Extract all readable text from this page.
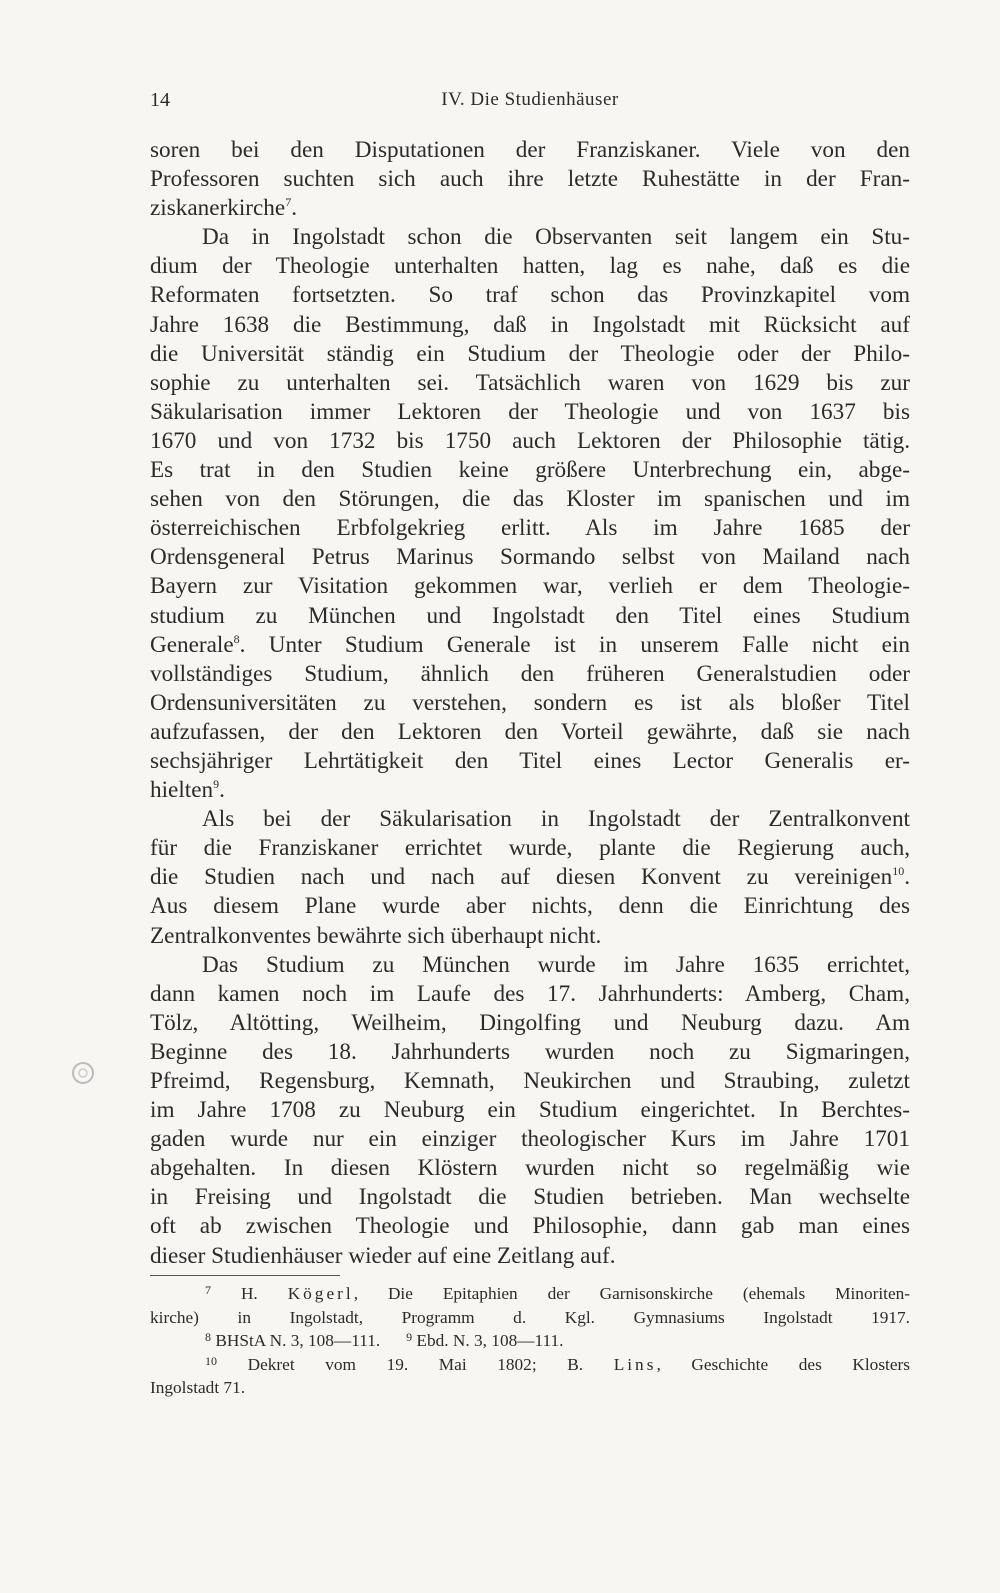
14	IV. Die Studienhäuser
soren bei den Disputationen der Franziskaner. Viele von den
Professoren suchten sich auch ihre letzte Ruhestätte in der Fran-
ziskanerkirche$^7$.
Da in Ingolstadt schon die Observanten seit langem ein Stu-
dium der Theologie unterhalten hatten, lag es nahe, daß es die
Reformaten fortsetzten. So traf schon das Provinzkapitel vom
Jahre 1638 die Bestimmung, daß in Ingolstadt mit Rücksicht auf
die Universität ständig ein Studium der Theologie oder der Philo-
sophie zu unterhalten sei. Tatsächlich waren von 1629 bis zur
Säkularisation immer Lektoren der Theologie und von 1637 bis
1670 und von 1732 bis 1750 auch Lektoren der Philosophie tätig.
Es trat in den Studien keine größere Unterbrechung ein, abge-
sehen von den Störungen, die das Kloster im spanischen und im
österreichischen Erbfolgekrieg erlitt. Als im Jahre 1685 der
Ordensgeneral Petrus Marinus Sormando selbst von Mailand nach
Bayern zur Visitation gekommen war, verlieh er dem Theologie-
studium zu München und Ingolstadt den Titel eines Studium
Generale$^8$. Unter Studium Generale ist in unserem Falle nicht ein
vollständiges Studium, ähnlich den früheren Generalstudien oder
Ordensuniversitäten zu verstehen, sondern es ist als bloßer Titel
aufzufassen, der den Lektoren den Vorteil gewährte, daß sie nach
sechsjähriger Lehrtätigkeit den Titel eines Lector Generalis er-
hielten$^9$.
Als bei der Säkularisation in Ingolstadt der Zentralkonvent
für die Franziskaner errichtet wurde, plante die Regierung auch,
die Studien nach und nach auf diesen Konvent zu vereinigen$^{10}$.
Aus diesem Plane wurde aber nichts, denn die Einrichtung des
Zentralkonventes bewährte sich überhaupt nicht.
Das Studium zu München wurde im Jahre 1635 errichtet,
dann kamen noch im Laufe des 17. Jahrhunderts: Amberg, Cham,
Tölz, Altötting, Weilheim, Dingolfing und Neuburg dazu. Am
Beginne des 18. Jahrhunderts wurden noch zu Sigmaringen,
Pfreimd, Regensburg, Kemnath, Neukirchen und Straubing, zuletzt
im Jahre 1708 zu Neuburg ein Studium eingerichtet. In Berchtes-
gaden wurde nur ein einziger theologischer Kurs im Jahre 1701
abgehalten. In diesen Klöstern wurden nicht so regelmäßig wie
in Freising und Ingolstadt die Studien betrieben. Man wechselte
oft ab zwischen Theologie und Philosophie, dann gab man eines
dieser Studienhäuser wieder auf eine Zeitlang auf.
$^7$ H. Kögerl, Die Epitaphien der Garnisonskirche (ehemals Minoriten-
kirche) in Ingolstadt, Programm d. Kgl. Gymnasiums Ingolstadt 1917.
$^8$ BHStA N. 3, 108—111. $^9$ Ebd. N. 3, 108—111.
$^{10}$ Dekret vom 19. Mai 1802; B. Lins, Geschichte des Klosters
Ingolstadt 71.
